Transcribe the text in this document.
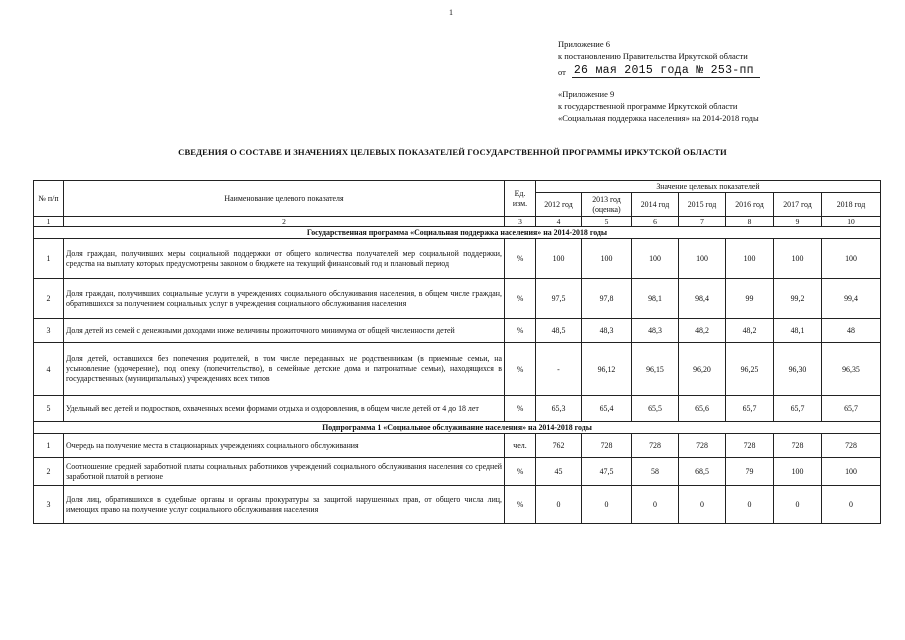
1
Приложение 6
к постановлению Правительства Иркутской области
от 26 мая 2015 года № 253-пп
«Приложение 9
к государственной программе Иркутской области
«Социальная поддержка населения» на 2014-2018 годы
СВЕДЕНИЯ О СОСТАВЕ И ЗНАЧЕНИЯХ ЦЕЛЕВЫХ ПОКАЗАТЕЛЕЙ ГОСУДАРСТВЕННОЙ ПРОГРАММЫ ИРКУТСКОЙ ОБЛАСТИ
№ п/п	Наименование целевого показателя	Ед. изм.	Значение целевых показателей						
			2012 год	2013 год (оценка)	2014 год	2015 год	2016 год	2017 год	2018 год
1	2	3	4	5	6	7	8	9	10
Государственная программа «Социальная поддержка населения» на 2014-2018 годы									
1	Доля граждан, получивших меры социальной поддержки от общего количества получателей мер социальной поддержки, средства на выплату которых предусмотрены законом о бюджете на текущий финансовый год и плановый период	%	100	100	100	100	100	100	100
2	Доля граждан, получивших социальные услуги в учреждениях социального обслуживания населения, в общем числе граждан, обратившихся за получением социальных услуг в учреждения социального обслуживания населения	%	97,5	97,8	98,1	98,4	99	99,2	99,4
3	Доля детей из семей с денежными доходами ниже величины прожиточного минимума от общей численности детей	%	48,5	48,3	48,3	48,2	48,2	48,1	48
4	Доля детей, оставшихся без попечения родителей, в том числе переданных не родственникам (в приемные семьи, на усыновление (удочерение), под опеку (попечительство), в семейные детские дома и патронатные семьи), находящихся в государственных (муниципальных) учреждениях всех типов	%	-	96,12	96,15	96,20	96,25	96,30	96,35
5	Удельный вес детей и подростков, охваченных всеми формами отдыха и оздоровления, в общем числе детей от 4 до 18 лет	%	65,3	65,4	65,5	65,6	65,7	65,7	65,7
Подпрограмма 1 «Социальное обслуживание населения» на 2014-2018 годы									
1	Очередь на получение места в стационарных учреждениях социального обслуживания	чел.	762	728	728	728	728	728	728
2	Соотношение средней заработной платы социальных работников учреждений социального обслуживания населения со средней заработной платой в регионе	%	45	47,5	58	68,5	79	100	100
3	Доля лиц, обратившихся в судебные органы и органы прокуратуры за защитой нарушенных прав, от общего числа лиц, имеющих право на получение услуг социального обслуживания населения	%	0	0	0	0	0	0	0
